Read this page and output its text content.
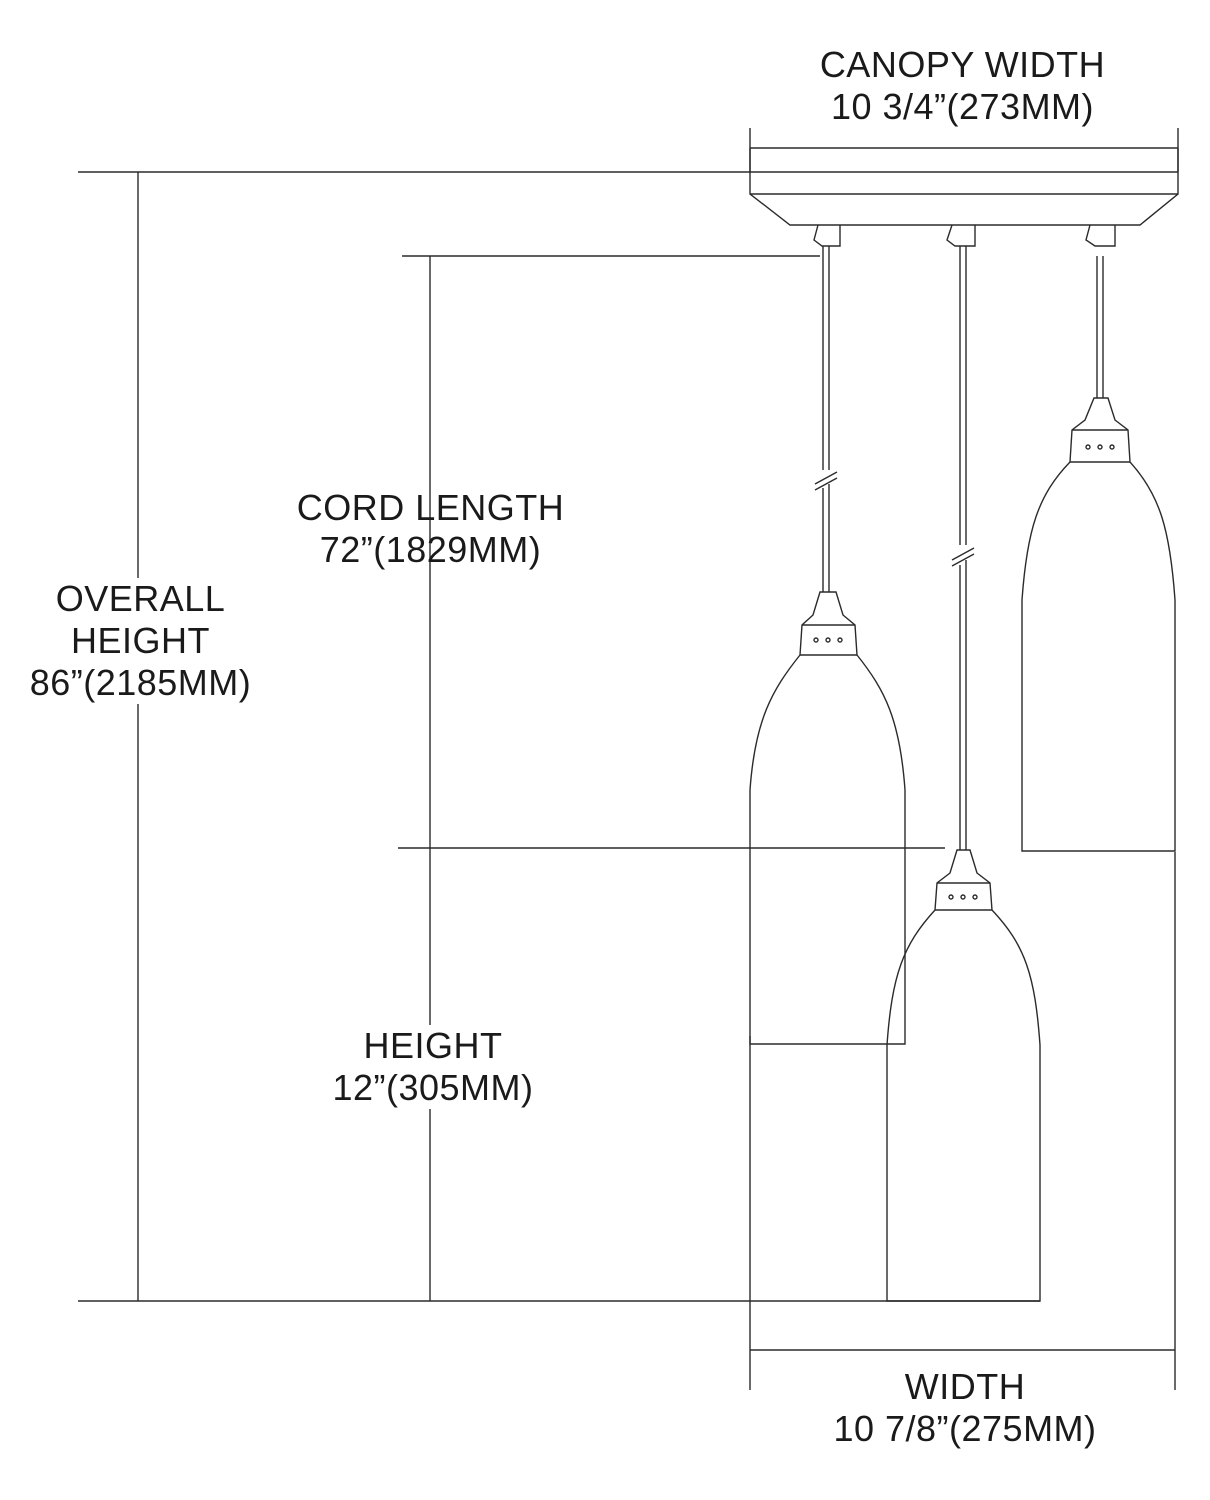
CANOPY WIDTH
10 3/4”(273MM)
CORD LENGTH
72”(1829MM)
OVERALL
HEIGHT
86”(2185MM)
HEIGHT
12”(305MM)
WIDTH
10 7/8”(275MM)
